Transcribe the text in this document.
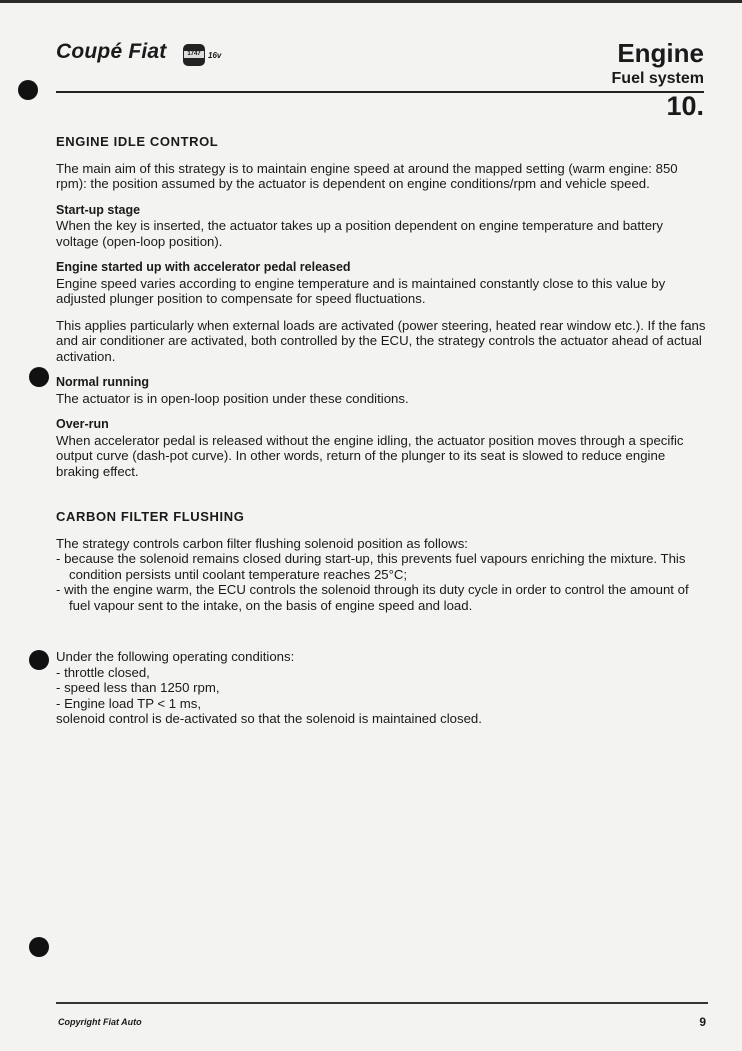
Coupé Fiat	1747 16v	Engine
Fuel system
10.

ENGINE IDLE CONTROL

The main aim of this strategy is to maintain engine speed at around the mapped setting (warm engine: 850 rpm): the position assumed by the actuator is dependent on engine conditions/rpm and vehicle speed.

Start-up stage

When the key is inserted, the actuator takes up a position dependent on engine temperature and battery voltage (open-loop position).

Engine started up with accelerator pedal released

Engine speed varies according to engine temperature and is maintained constantly close to this value by adjusted plunger position to compensate for speed fluctuations.

This applies particularly when external loads are activated (power steering, heated rear window etc.). If the fans and air conditioner are activated, both controlled by the ECU, the strategy controls the actuator ahead of actual activation.

Normal running

The actuator is in open-loop position under these conditions.

Over-run

When accelerator pedal is released without the engine idling, the actuator position moves through a specific output curve (dash-pot curve). In other words, return of the plunger to its seat is slowed to reduce engine braking effect.

CARBON FILTER FLUSHING

The strategy controls carbon filter flushing solenoid position as follows:

- because the solenoid remains closed during start-up, this prevents fuel vapours enriching the mixture. This condition persists until coolant temperature reaches 25°C;
- with the engine warm, the ECU controls the solenoid through its duty cycle in order to control the amount of fuel vapour sent to the intake, on the basis of engine speed and load.

Under the following operating conditions:

- throttle closed,
- speed less than 1250 rpm,
- Engine load TP < 1 ms,

solenoid control is de-activated so that the solenoid is maintained closed.

Copyright Fiat Auto	9
